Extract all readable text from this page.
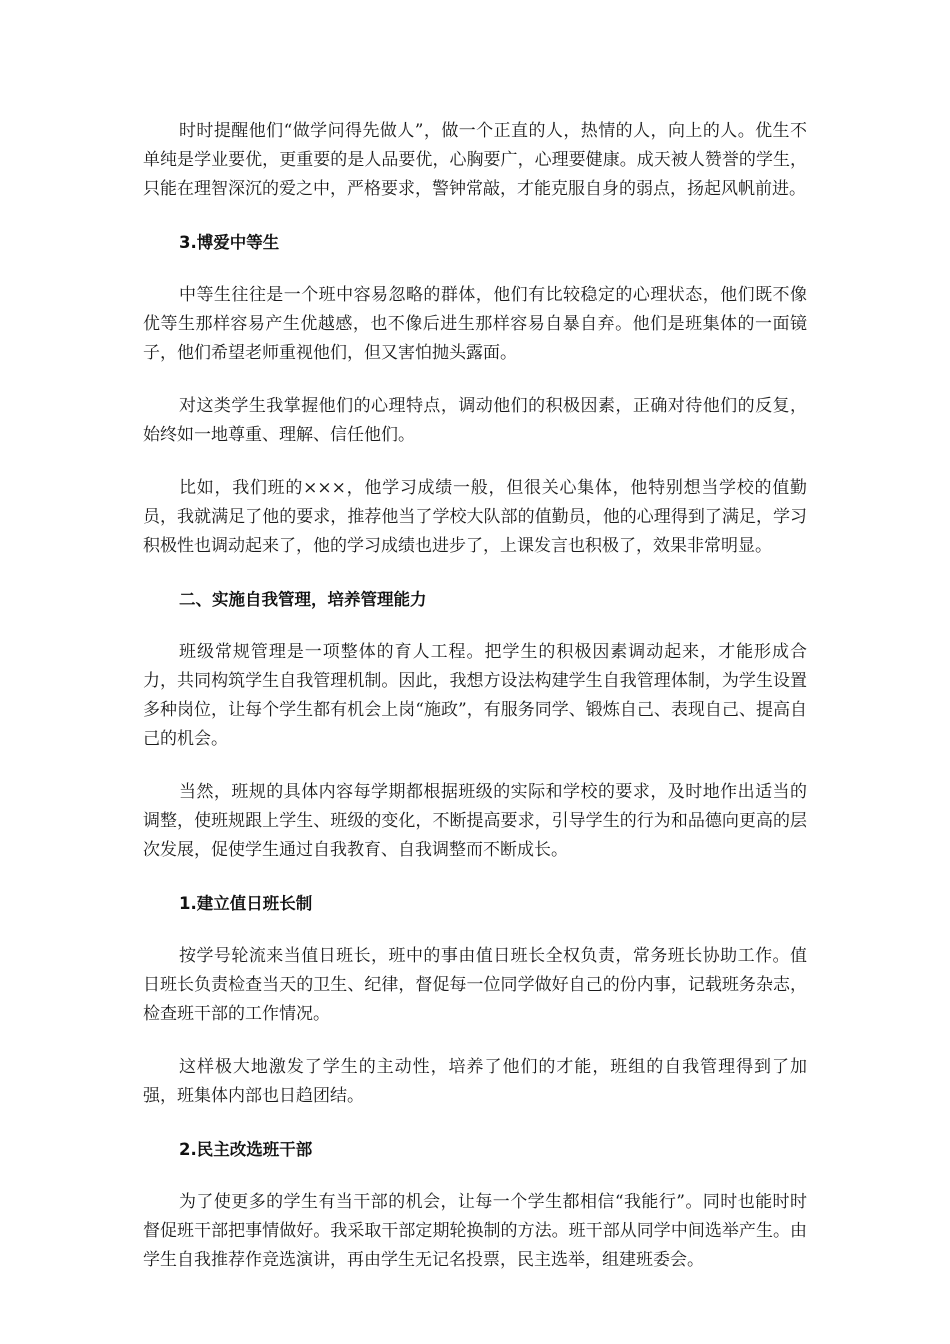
时时提醒他们“做学问得先做人”，做一个正直的人，热情的人，向上的人。优生不单纯是学业要优，更重要的是人品要优，心胸要广，心理要健康。成天被人赞誉的学生，只能在理智深沉的爱之中，严格要求，警钟常敲，才能克服自身的弱点，扬起风帆前进。

3.博爱中等生

中等生往往是一个班中容易忽略的群体，他们有比较稳定的心理状态，他们既不像优等生那样容易产生优越感，也不像后进生那样容易自暴自弃。他们是班集体的一面镜子，他们希望老师重视他们，但又害怕抛头露面。

对这类学生我掌握他们的心理特点，调动他们的积极因素，正确对待他们的反复，始终如一地尊重、理解、信任他们。

比如，我们班的×××，他学习成绩一般，但很关心集体，他特别想当学校的值勤员，我就满足了他的要求，推荐他当了学校大队部的值勤员，他的心理得到了满足，学习积极性也调动起来了，他的学习成绩也进步了，上课发言也积极了，效果非常明显。

二、实施自我管理，培养管理能力

班级常规管理是一项整体的育人工程。把学生的积极因素调动起来，才能形成合力，共同构筑学生自我管理机制。因此，我想方设法构建学生自我管理体制，为学生设置多种岗位，让每个学生都有机会上岗“施政”，有服务同学、锻炼自己、表现自己、提高自己的机会。

当然，班规的具体内容每学期都根据班级的实际和学校的要求，及时地作出适当的调整，使班规跟上学生、班级的变化，不断提高要求，引导学生的行为和品德向更高的层次发展，促使学生通过自我教育、自我调整而不断成长。

1.建立值日班长制

按学号轮流来当值日班长，班中的事由值日班长全权负责，常务班长协助工作。值日班长负责检查当天的卫生、纪律，督促每一位同学做好自己的份内事，记载班务杂志，检查班干部的工作情况。

这样极大地激发了学生的主动性，培养了他们的才能，班组的自我管理得到了加强，班集体内部也日趋团结。

2.民主改选班干部

为了使更多的学生有当干部的机会，让每一个学生都相信“我能行”。同时也能时时督促班干部把事情做好。我采取干部定期轮换制的方法。班干部从同学中间选举产生。由学生自我推荐作竞选演讲，再由学生无记名投票，民主选举，组建班委会。
